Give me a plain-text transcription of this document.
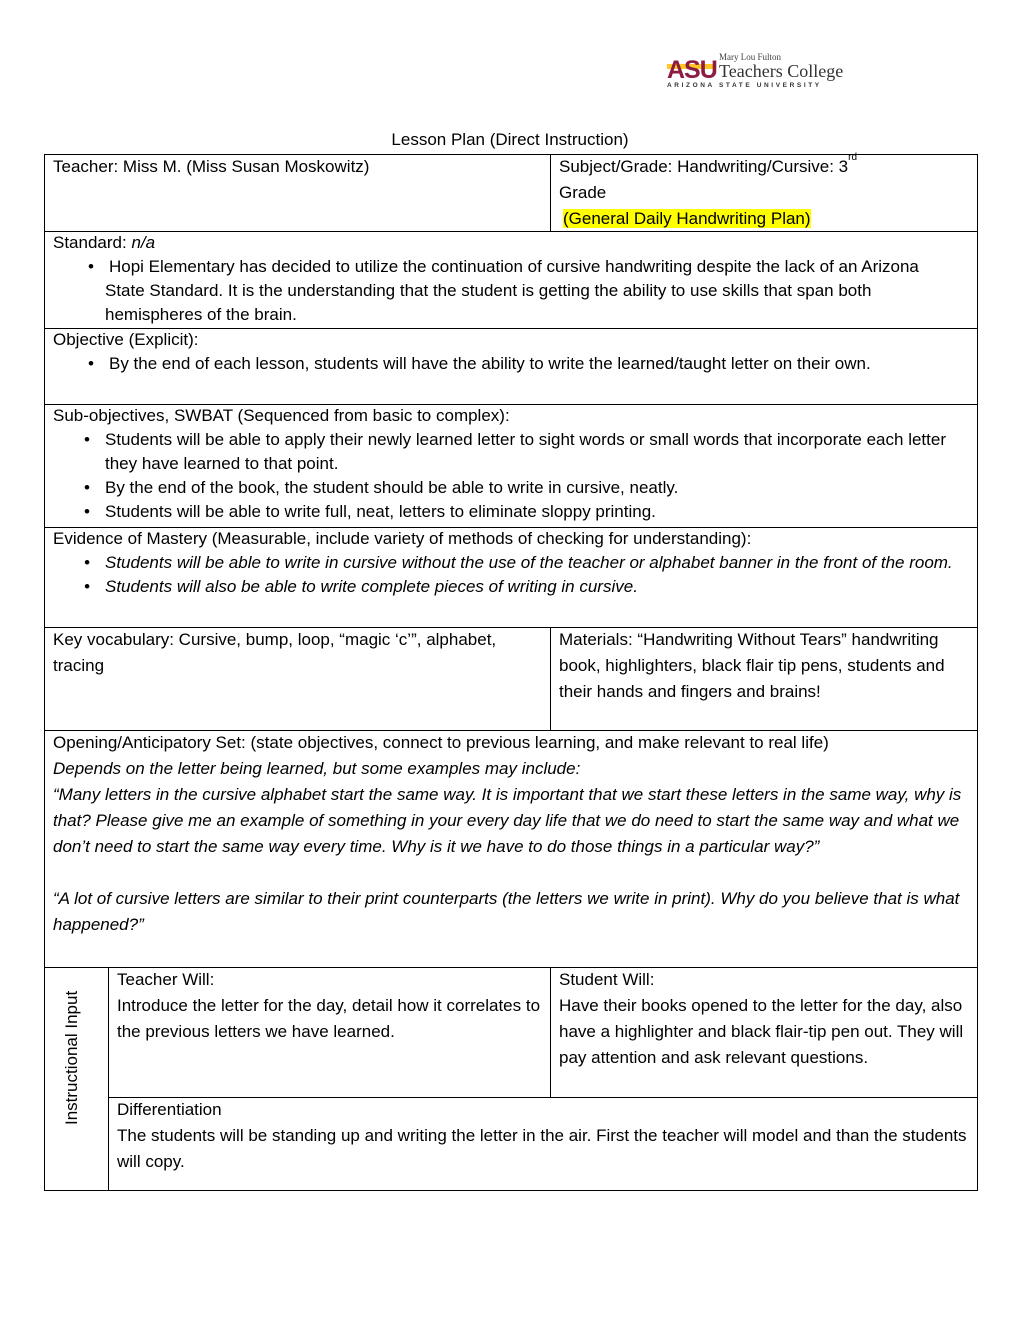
ASU Mary Lou Fulton
Teachers College
ARIZONA STATE UNIVERSITY
Lesson Plan (Direct Instruction)
Teacher: Miss M. (Miss Susan Moskowitz)	Subject/Grade: Handwriting/Cursive: 3rd
Grade
(General Daily Handwriting Plan)
Standard: n/a
• Hopi Elementary has decided to utilize the continuation of cursive handwriting despite the lack of an Arizona State Standard. It is the understanding that the student is getting the ability to use skills that span both hemispheres of the brain.
Objective (Explicit):
• By the end of each lesson, students will have the ability to write the learned/taught letter on their own.
Sub-objectives, SWBAT (Sequenced from basic to complex):
• Students will be able to apply their newly learned letter to sight words or small words that incorporate each letter they have learned to that point.
• By the end of the book, the student should be able to write in cursive, neatly.
• Students will be able to write full, neat, letters to eliminate sloppy printing.
Evidence of Mastery (Measurable, include variety of methods of checking for understanding):
• Students will be able to write in cursive without the use of the teacher or alphabet banner in the front of the room.
• Students will also be able to write complete pieces of writing in cursive.
Key vocabulary: Cursive, bump, loop, “magic ‘c’”, alphabet, tracing
Materials: “Handwriting Without Tears” handwriting book, highlighters, black flair tip pens, students and their hands and fingers and brains!
Opening/Anticipatory Set: (state objectives, connect to previous learning, and make relevant to real life)
Depends on the letter being learned, but some examples may include:
“Many letters in the cursive alphabet start the same way. It is important that we start these letters in the same way, why is that? Please give me an example of something in your every day life that we do need to start the same way and what we don’t need to start the same way every time. Why is it we have to do those things in a particular way?”
“A lot of cursive letters are similar to their print counterparts (the letters we write in print). Why do you believe that is what happened?”
Instructional Input
Teacher Will:
Introduce the letter for the day, detail how it correlates to the previous letters we have learned.
Student Will:
Have their books opened to the letter for the day, also have a highlighter and black flair-tip pen out. They will pay attention and ask relevant questions.
Differentiation
The students will be standing up and writing the letter in the air. First the teacher will model and than the students will copy.
